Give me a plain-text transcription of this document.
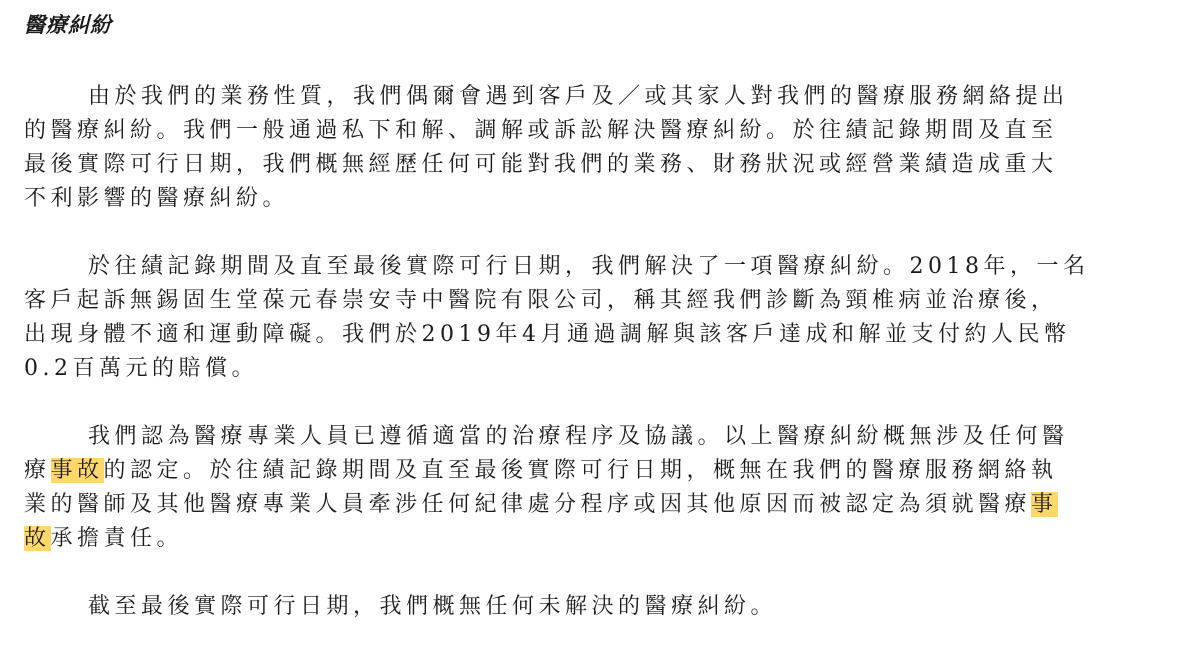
醫療糾紛
由於我們的業務性質，我們偶爾會遇到客戶及／或其家人對我們的醫療服務網絡提出
的醫療糾紛。我們一般通過私下和解、調解或訴訟解決醫療糾紛。於往績記錄期間及直至
最後實際可行日期，我們概無經歷任何可能對我們的業務、財務狀況或經營業績造成重大
不利影響的醫療糾紛。
於往績記錄期間及直至最後實際可行日期，我們解決了一項醫療糾紛。2018年，一名
客戶起訴無錫固生堂葆元春崇安寺中醫院有限公司，稱其經我們診斷為頸椎病並治療後，
出現身體不適和運動障礙。我們於2019年4月通過調解與該客戶達成和解並支付約人民幣
0.2百萬元的賠償。
我們認為醫療專業人員已遵循適當的治療程序及協議。以上醫療糾紛概無涉及任何醫
療事故的認定。於往績記錄期間及直至最後實際可行日期，概無在我們的醫療服務網絡執
業的醫師及其他醫療專業人員牽涉任何紀律處分程序或因其他原因而被認定為須就醫療事
故承擔責任。
截至最後實際可行日期，我們概無任何未解決的醫療糾紛。
